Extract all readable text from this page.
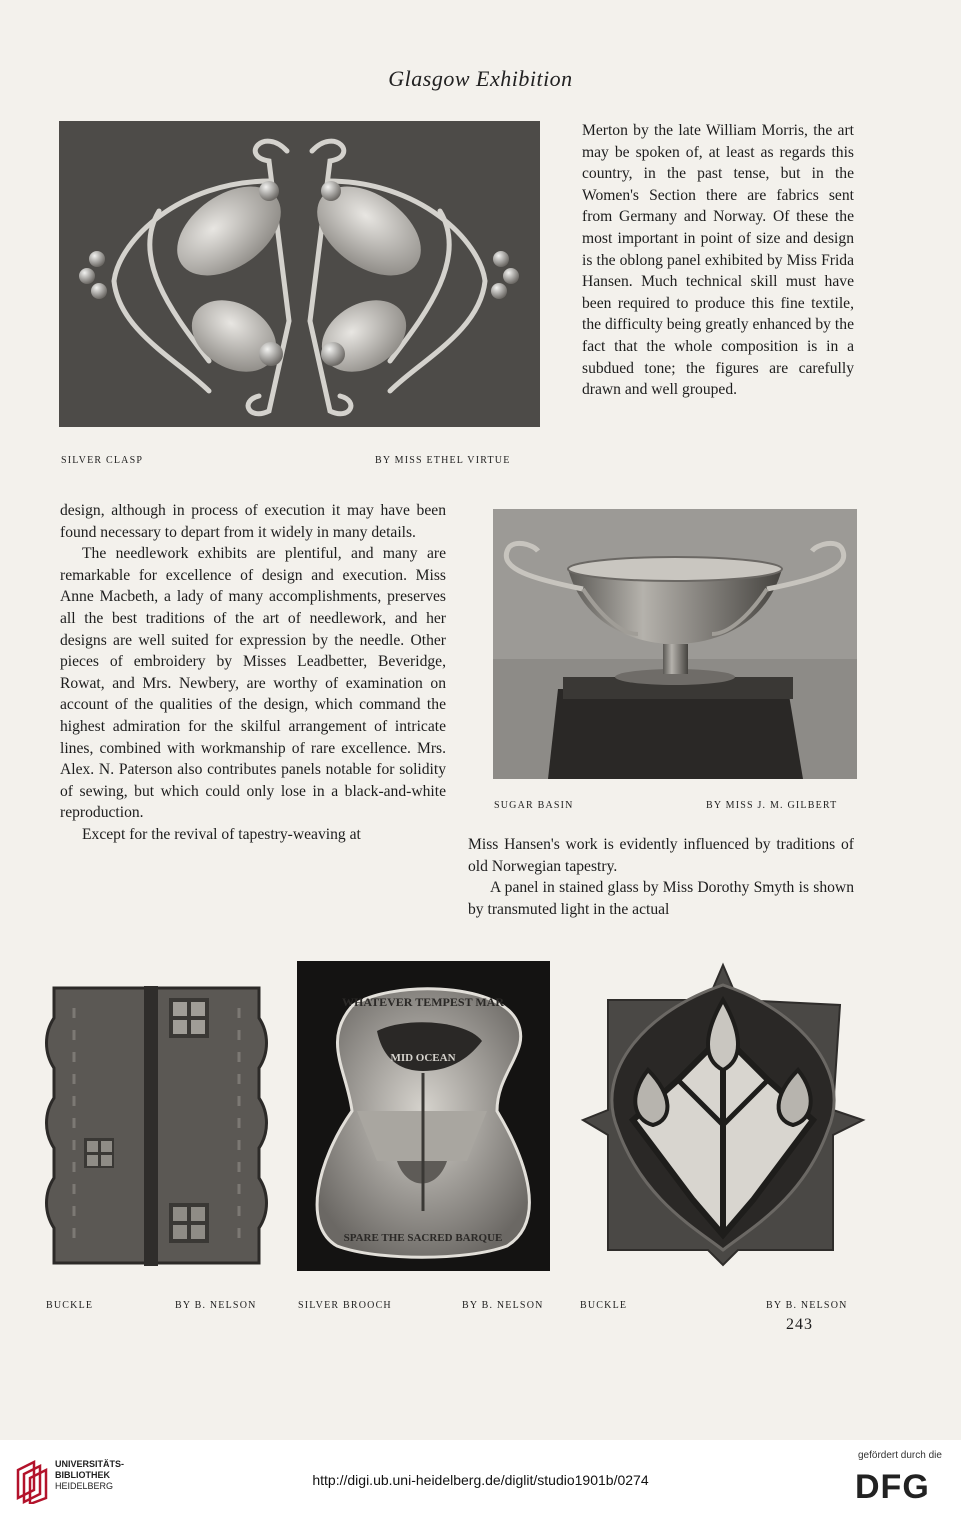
Glasgow Exhibition
SILVER CLASP	BY MISS ETHEL VIRTUE

Merton by the late William Morris, the art may be spoken of, at least as regards this country, in the past tense, but in the Women's Section there are fabrics sent from Germany and Norway. Of these the most important in point of size and design is the oblong panel exhibited by Miss Frida Hansen. Much technical skill must have been required to produce this fine textile, the difficulty being greatly enhanced by the fact that the whole composition is in a subdued tone; the figures are carefully drawn and well grouped.

design, although in process of execution it may have been found necessary to depart from it widely in many details.

The needlework exhibits are plentiful, and many are remarkable for excellence of design and execution. Miss Anne Macbeth, a lady of many accomplishments, preserves all the best traditions of the art of needlework, and her designs are well suited for expression by the needle. Other pieces of embroidery by Misses Leadbetter, Beveridge, Rowat, and Mrs. Newbery, are worthy of examination on account of the qualities of the design, which command the highest admiration for the skilful arrangement of intricate lines, combined with workmanship of rare excellence. Mrs. Alex. N. Paterson also contributes panels notable for solidity of sewing, but which could only lose in a black-and-white reproduction.

Except for the revival of tapestry-weaving at

SUGAR BASIN	BY MISS J. M. GILBERT

Miss Hansen's work is evidently influenced by traditions of old Norwegian tapestry.

A panel in stained glass by Miss Dorothy Smyth is shown by transmuted light in the actual

BUCKLE	BY B. NELSON
WHATEVER TEMPEST MAR
MID OCEAN
SPARE THE SACRED BARQUE
SILVER BROOCH	BY B. NELSON	BUCKLE	BY B. NELSON
243
UNIVERSITÄTS-
BIBLIOTHEK
HEIDELBERG	http://digi.ub.uni-heidelberg.de/diglit/studio1901b/0274
gefördert durch die
DFG
